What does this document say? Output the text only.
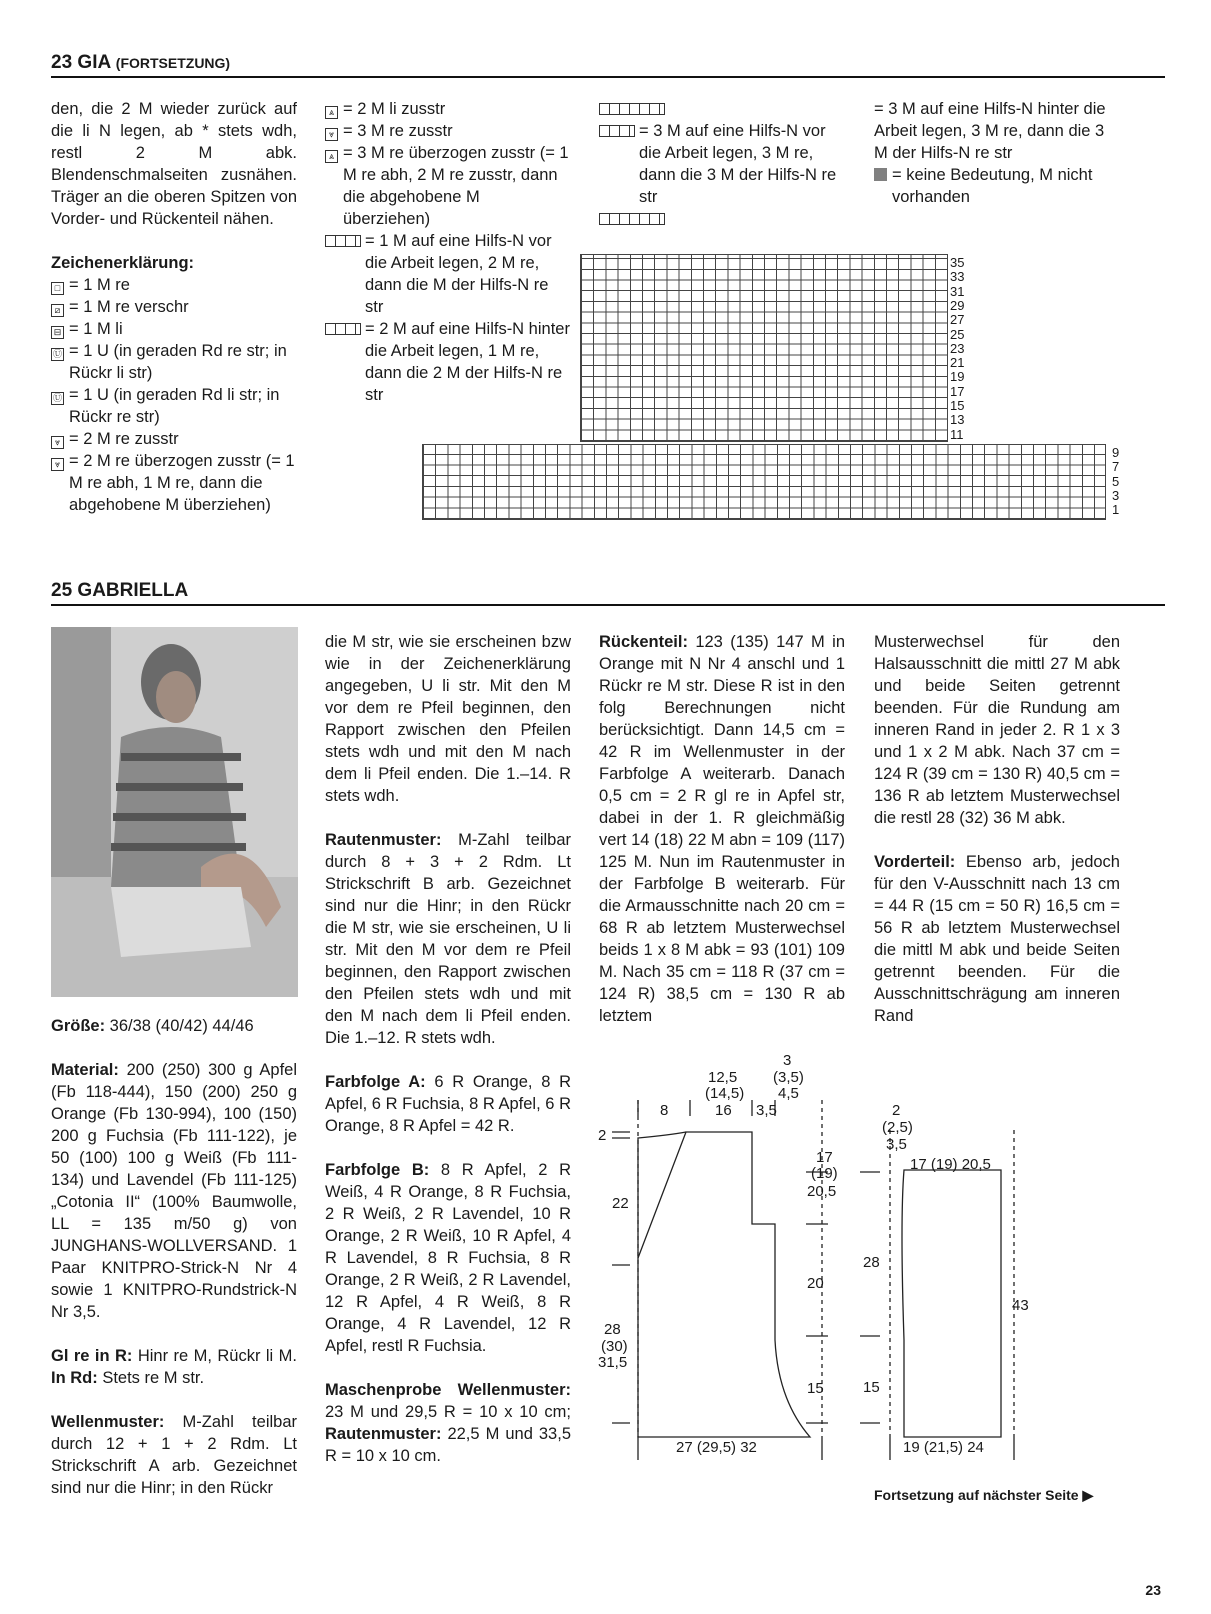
23 GIA (FORTSETZUNG)

den, die 2 M wieder zurück auf die li N legen, ab * stets wdh, restl 2 M abk. Blendenschmalseiten zusnähen. Träger an die oberen Spitzen von Vorder- und Rückenteil nähen.

Zeichenerklärung:

□ = 1 M re
⧄ = 1 M re verschr
⊟ = 1 M li
Ⓤ = 1 U (in geraden Rd re str; in Rückr li str)
Ⓤ = 1 U (in geraden Rd li str; in Rückr re str)
⩔ = 2 M re zusstr
⩔ = 2 M re überzogen zusstr (= 1 M re abh, 1 M re, dann die abgehobene M überziehen)
⩓ = 2 M li zusstr
⩔ = 3 M re zusstr
⩓ = 3 M re überzogen zusstr (= 1 M re abh, 2 M re zusstr, dann die abgehobene M überziehen)
= 1 M auf eine Hilfs-N vor die Arbeit legen, 2 M re, dann die M der Hilfs-N re str
= 2 M auf eine Hilfs-N hinter die Arbeit legen, 1 M re, dann die 2 M der Hilfs-N re str
= 3 M auf eine Hilfs-N vor die Arbeit legen, 3 M re, dann die 3 M der Hilfs-N re str
= 3 M auf eine Hilfs-N hinter die Arbeit legen, 3 M re, dann die 3 M der Hilfs-N re str
= keine Bedeutung, M nicht vorhanden
35
33
31
29
27
25
23
21
19
17
15
13
11
9
7
5
3
1
25 GABRIELLA

Größe: 36/38 (40/42) 44/46

Material: 200 (250) 300 g Apfel (Fb 118-444), 150 (200) 250 g Orange (Fb 130-994), 100 (150) 200 g Fuchsia (Fb 111-122), je 50 (100) 100 g Weiß (Fb 111-134) und Lavendel (Fb 111-125) „Cotonia II“ (100% Baumwolle, LL = 135 m/50 g) von JUNGHANS-WOLLVERSAND. 1 Paar KNITPRO-Strick-N Nr 4 sowie 1 KNITPRO-Rundstrick-N Nr 3,5.

Gl re in R: Hinr re M, Rückr li M. In Rd: Stets re M str.

Wellenmuster: M-Zahl teilbar durch 12 + 1 + 2 Rdm. Lt Strickschrift A arb. Gezeichnet sind nur die Hinr; in den Rückr

die M str, wie sie erscheinen bzw wie in der Zeichenerklärung angegeben, U li str. Mit den M vor dem re Pfeil beginnen, den Rapport zwischen den Pfeilen stets wdh und mit den M nach dem li Pfeil enden. Die 1.–14. R stets wdh.

Rautenmuster: M-Zahl teilbar durch 8 + 3 + 2 Rdm. Lt Strickschrift B arb. Gezeichnet sind nur die Hinr; in den Rückr die M str, wie sie erscheinen, U li str. Mit den M vor dem re Pfeil beginnen, den Rapport zwischen den Pfeilen stets wdh und mit den M nach dem li Pfeil enden. Die 1.–12. R stets wdh.

Farbfolge A: 6 R Orange, 8 R Apfel, 6 R Fuchsia, 8 R Apfel, 6 R Orange, 8 R Apfel = 42 R.

Farbfolge B: 8 R Apfel, 2 R Weiß, 4 R Orange, 8 R Fuchsia, 2 R Weiß, 2 R Lavendel, 10 R Orange, 2 R Weiß, 10 R Apfel, 4 R Lavendel, 8 R Fuchsia, 8 R Orange, 2 R Weiß, 2 R Lavendel, 12 R Apfel, 4 R Weiß, 8 R Orange, 4 R Lavendel, 12 R Apfel, restl R Fuchsia.

Maschenprobe Wellenmuster: 23 M und 29,5 R = 10 x 10 cm; Rautenmuster: 22,5 M und 33,5 R = 10 x 10 cm.

Rückenteil: 123 (135) 147 M in Orange mit N Nr 4 anschl und 1 Rückr re M str. Diese R ist in den folg Berechnungen nicht berücksichtigt. Dann 14,5 cm = 42 R im Wellenmuster in der Farbfolge A weiterarb. Danach 0,5 cm = 2 R gl re in Apfel str, dabei in der 1. R gleichmäßig vert 14 (18) 22 M abn = 109 (117) 125 M. Nun im Rautenmuster in der Farbfolge B weiterarb. Für die Armausschnitte nach 20 cm = 68 R ab letztem Musterwechsel beids 1 x 8 M abk = 93 (101) 109 M. Nach 35 cm = 118 R (37 cm = 124 R) 38,5 cm = 130 R ab letztem

Musterwechsel für den Halsausschnitt die mittl 27 M abk und beide Seiten getrennt beenden. Für die Rundung am inneren Rand in jeder 2. R 1 x 3 und 1 x 2 M abk. Nach 37 cm = 124 R (39 cm = 130 R) 40,5 cm = 136 R ab letztem Musterwechsel die restl 28 (32) 36 M abk.

Vorderteil: Ebenso arb, jedoch für den V-Ausschnitt nach 13 cm = 44 R (15 cm = 50 R) 16,5 cm = 56 R ab letztem Musterwechsel die mittl M abk und beide Seiten getrennt beenden. Für die Ausschnittschrägung am inneren Rand

12,5
(14,5)
3
(3,5)
4,5
8	16 3,5
2
22
28
(30)
31,5
17
(19)
20,5
20
15
27 (29,5) 32
2
(2,5)
3,5
17 (19) 20,5
28
15
43
19 (21,5) 24
Fortsetzung auf nächster Seite ▶
23
